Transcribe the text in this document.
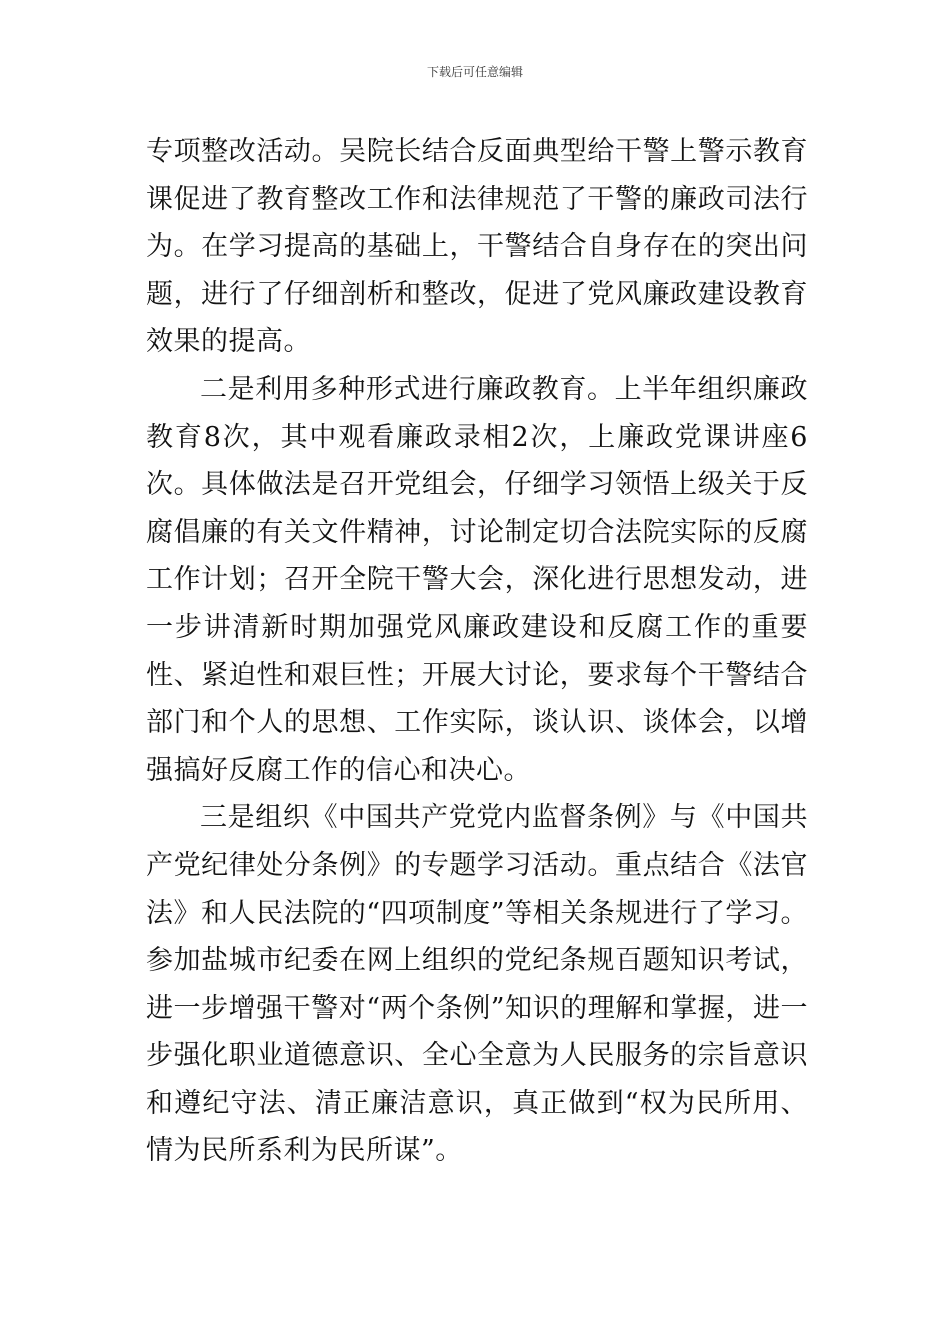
下载后可任意编辑

专项整改活动。吴院长结合反面典型给干警上警示教育课促进了教育整改工作和法律规范了干警的廉政司法行为。在学习提高的基础上，干警结合自身存在的突出问题，进行了仔细剖析和整改，促进了党风廉政建设教育效果的提高。

二是利用多种形式进行廉政教育。上半年组织廉政教育8次，其中观看廉政录相2次，上廉政党课讲座6次。具体做法是召开党组会，仔细学习领悟上级关于反腐倡廉的有关文件精神，讨论制定切合法院实际的反腐工作计划；召开全院干警大会，深化进行思想发动，进一步讲清新时期加强党风廉政建设和反腐工作的重要性、紧迫性和艰巨性；开展大讨论，要求每个干警结合部门和个人的思想、工作实际，谈认识、谈体会，以增强搞好反腐工作的信心和决心。

三是组织《中国共产党党内监督条例》与《中国共产党纪律处分条例》的专题学习活动。重点结合《法官法》和人民法院的“四项制度”等相关条规进行了学习。参加盐城市纪委在网上组织的党纪条规百题知识考试，进一步增强干警对“两个条例”知识的理解和掌握，进一步强化职业道德意识、全心全意为人民服务的宗旨意识和遵纪守法、清正廉洁意识，真正做到“权为民所用、情为民所系利为民所谋”。
